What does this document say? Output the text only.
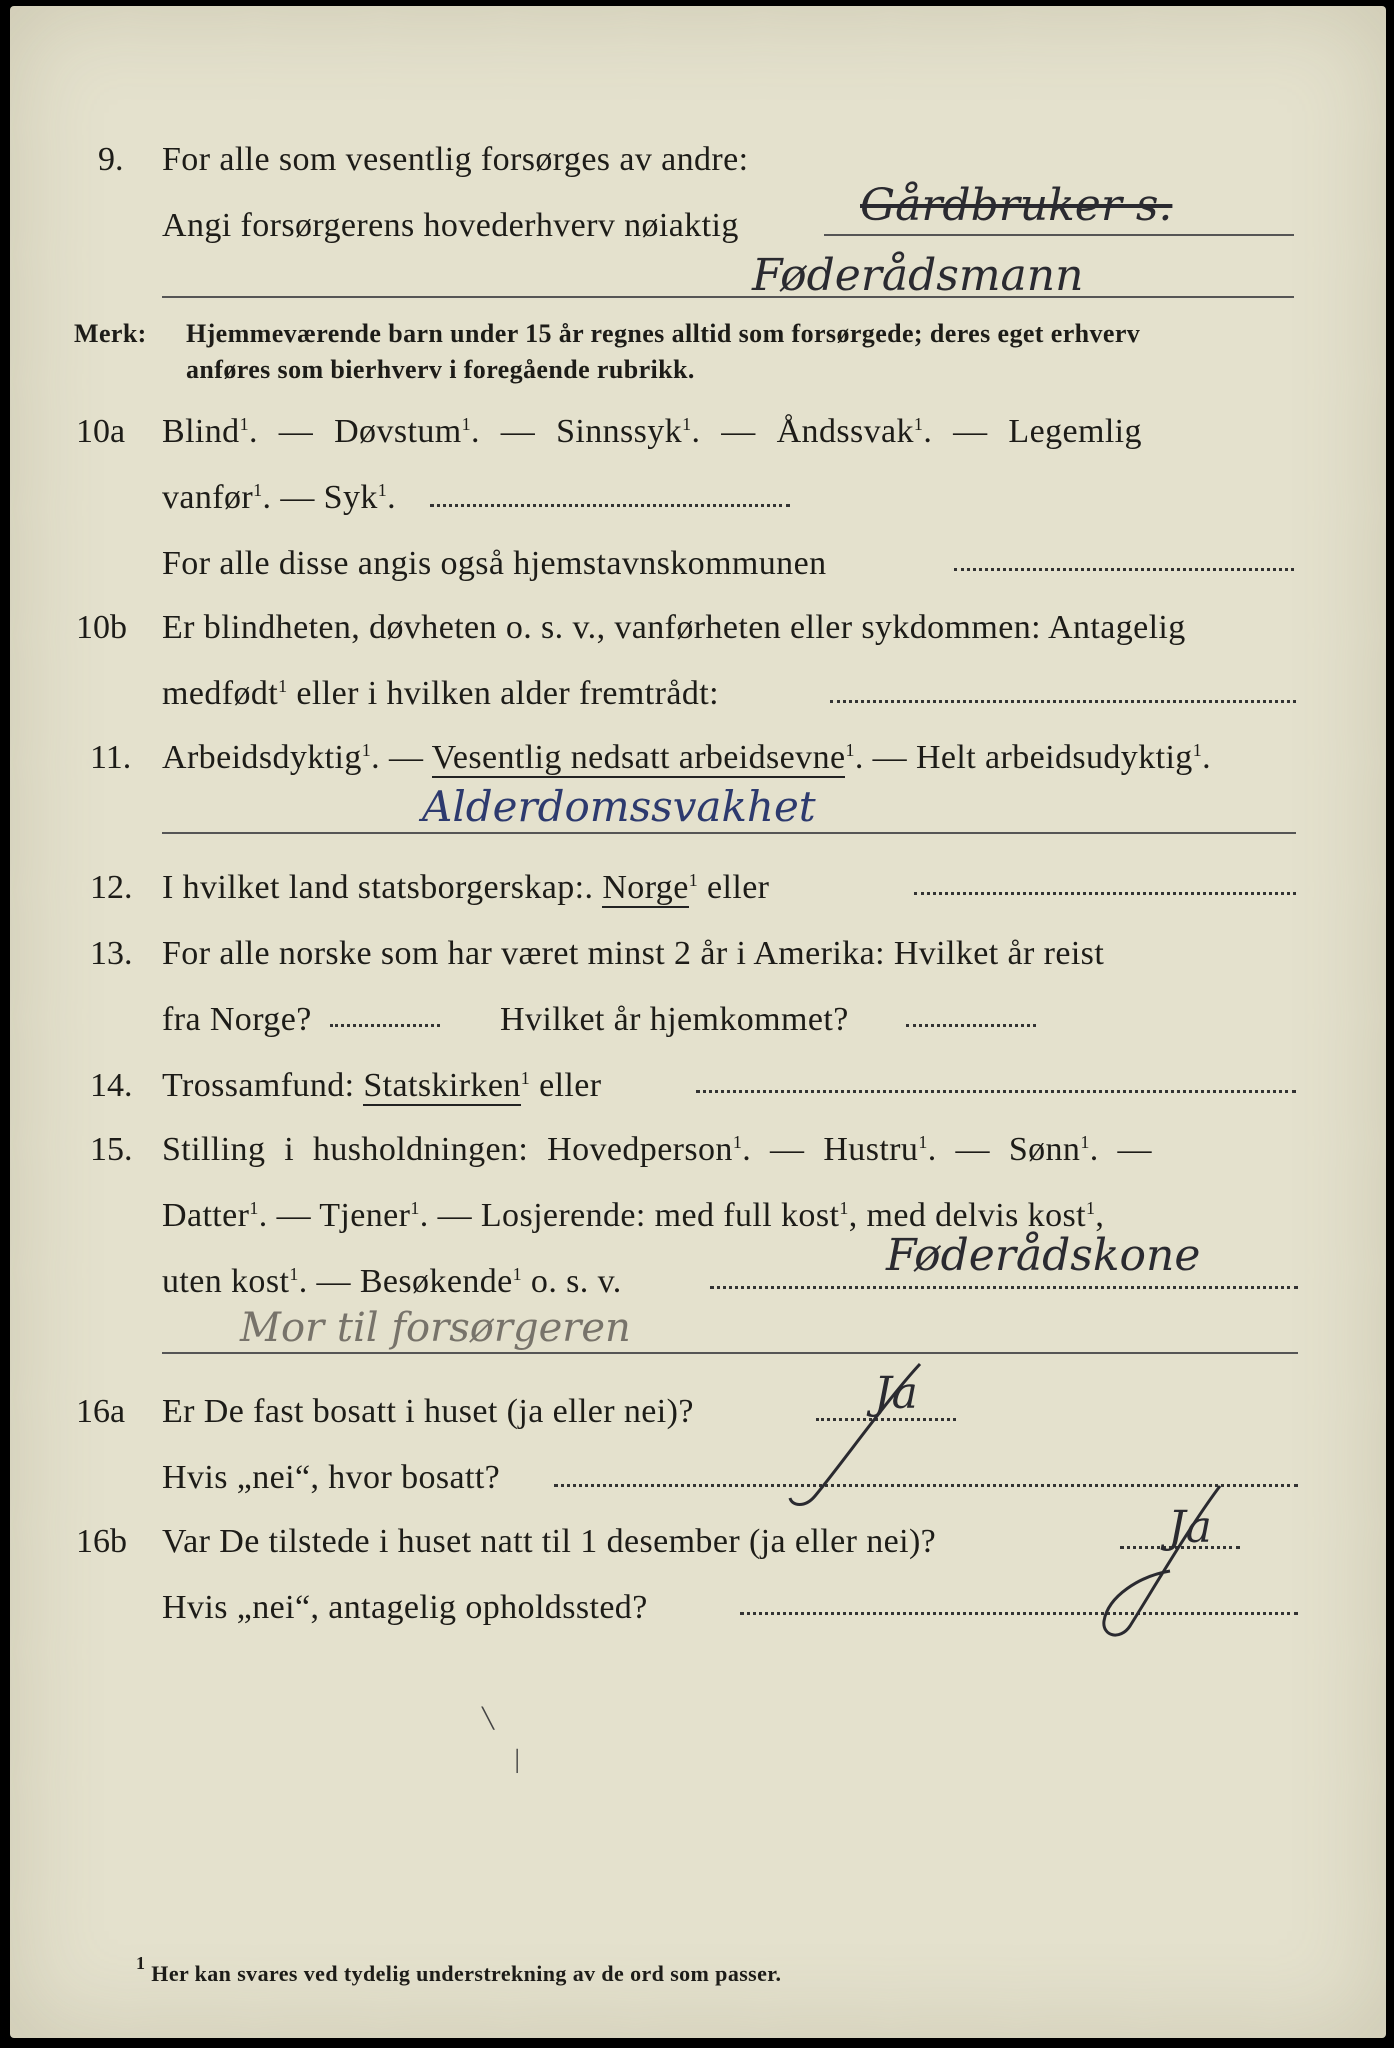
9. For alle som vesentlig forsørges av andre:
Angi forsørgerens hovederhverv nøiaktig	Gårdbruker s.
Føderådsmann
Merk: Hjemmeværende barn under 15 år regnes alltid som forsørgede; deres eget erhverv
anføres som bierhverv i foregående rubrikk.
10a Blind$^1$. — Døvstum$^1$. — Sinnssyk$^1$. — Åndssvak$^1$. — Legemlig
vanfør$^1$. — Syk$^1$.
For alle disse angis også hjemstavnskommunen
10b Er blindheten, døvheten o. s. v., vanførheten eller sykdommen: Antagelig
medfødt$^1$ eller i hvilken alder fremtrådt:
11. Arbeidsdyktig$^1$. — Vesentlig nedsatt arbeidsevne$^1$. — Helt arbeidsudyktig$^1$.
Alderdomssvakhet
12. I hvilket land statsborgerskap:. Norge$^1$ eller
13. For alle norske som har været minst 2 år i Amerika: Hvilket år reist
fra Norge?	Hvilket år hjemkommet?
14. Trossamfund: Statskirken$^1$ eller
15. Stilling i husholdningen: Hovedperson$^1$. — Hustru$^1$. — Sønn$^1$. —
Datter$^1$. — Tjener$^1$. — Losjerende: med full kost$^1$, med delvis kost$^1$,
uten kost$^1$. — Besøkende$^1$ o. s. v.
Føderådskone
Mor til forsørgeren
16a Er De fast bosatt i huset (ja eller nei)?	Ja
Hvis „nei“, hvor bosatt?
16b Var De tilstede i huset natt til 1 desember (ja eller nei)?	Ja
Hvis „nei“, antagelig opholdssted?
╲
│
$^1$ Her kan svares ved tydelig understrekning av de ord som passer.
